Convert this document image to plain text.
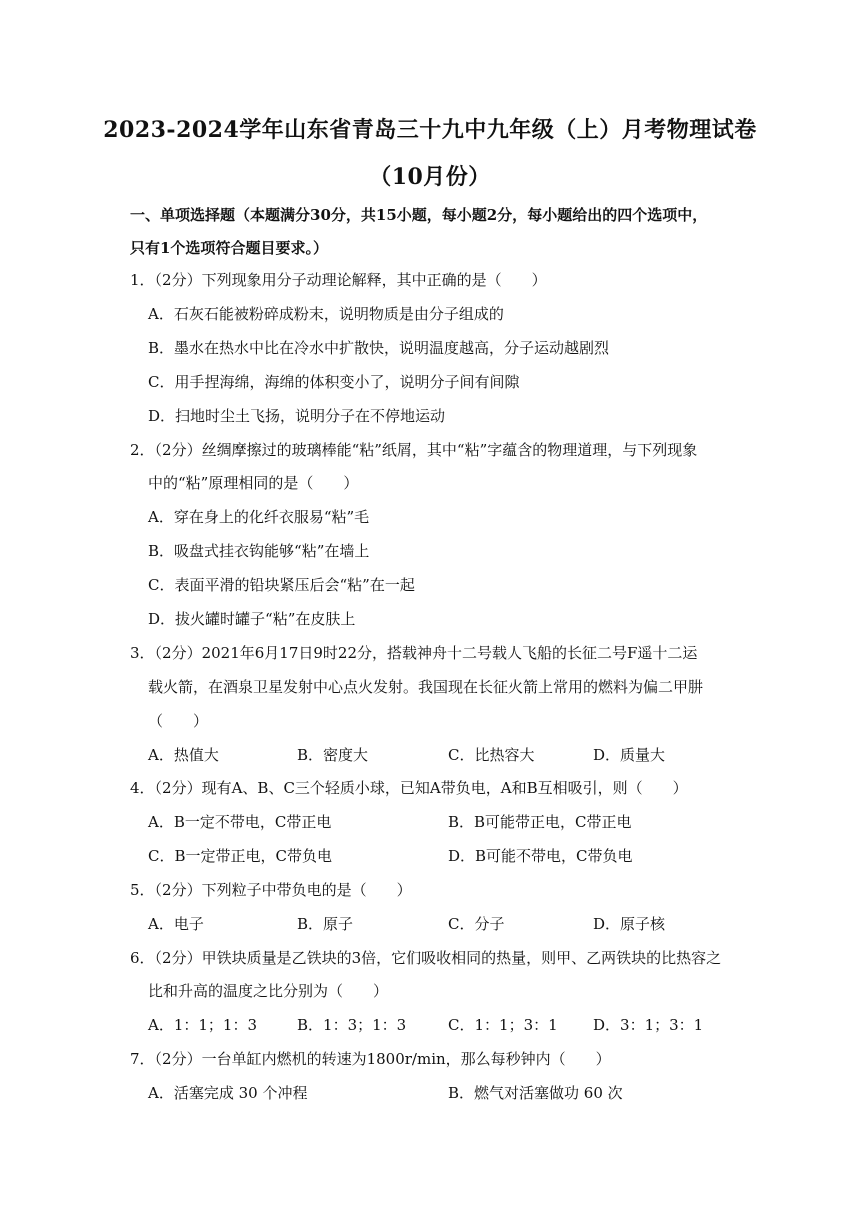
2023-2024学年山东省青岛三十九中九年级（上）月考物理试卷
（10月份）
一、单项选择题（本题满分30分，共15小题，每小题2分，每小题给出的四个选项中，
只有1个选项符合题目要求。）
1．（2分）下列现象用分子动理论解释，其中正确的是（　　）
A．石灰石能被粉碎成粉末，说明物质是由分子组成的
B．墨水在热水中比在冷水中扩散快，说明温度越高，分子运动越剧烈
C．用手捏海绵，海绵的体积变小了，说明分子间有间隙
D．扫地时尘土飞扬，说明分子在不停地运动
2．（2分）丝绸摩擦过的玻璃棒能“粘”纸屑，其中“粘”字蕴含的物理道理，与下列现象
中的“粘”原理相同的是（　　）
A．穿在身上的化纤衣服易“粘”毛
B．吸盘式挂衣钩能够“粘”在墙上
C．表面平滑的铅块紧压后会“粘”在一起
D．拔火罐时罐子“粘”在皮肤上
3．（2分）2021年6月17日9时22分，搭载神舟十二号载人飞船的长征二号F遥十二运
载火箭，在酒泉卫星发射中心点火发射。我国现在长征火箭上常用的燃料为偏二甲肼
（　　）
A．热值大	B．密度大	C．比热容大	D．质量大
4．（2分）现有A、B、C三个轻质小球，已知A带负电，A和B互相吸引，则（　　）
A．B一定不带电，C带正电	B．B可能带正电，C带正电
C．B一定带正电，C带负电	D．B可能不带电，C带负电
5．（2分）下列粒子中带负电的是（　　）
A．电子	B．原子	C．分子	D．原子核
6．（2分）甲铁块质量是乙铁块的3倍，它们吸收相同的热量，则甲、乙两铁块的比热容之
比和升高的温度之比分别为（　　）
A．1：1；1：3	B．1：3；1：3	C．1：1；3：1 D．3：1；3：1
7．（2分）一台单缸内燃机的转速为1800r/min，那么每秒钟内（　　）
A．活塞完成 30 个冲程	B．燃气对活塞做功 60 次
